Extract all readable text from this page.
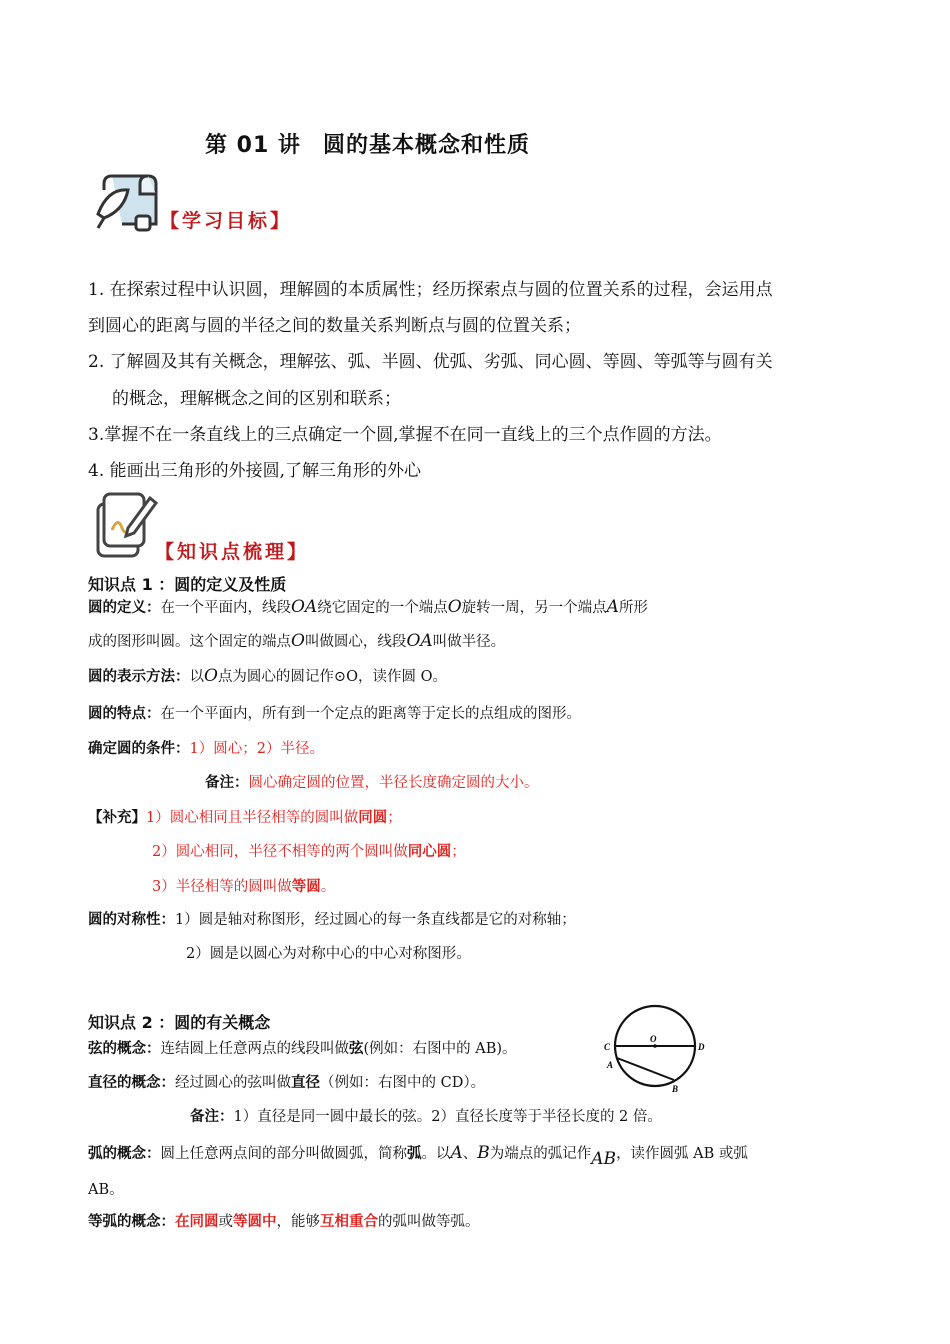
第 01 讲 圆的基本概念和性质
【学习目标】
1. 在探索过程中认识圆，理解圆的本质属性；经历探索点与圆的位置关系的过程，会运用点
到圆心的距离与圆的半径之间的数量关系判断点与圆的位置关系；
2. 了解圆及其有关概念，理解弦、弧、半圆、优弧、劣弧、同心圆、等圆、等弧等与圆有关
的概念，理解概念之间的区别和联系；
3.掌握不在一条直线上的三点确定一个圆,掌握不在同一直线上的三个点作圆的方法。
4. 能画出三角形的外接圆,了解三角形的外心
【知识点梳理】
知识点 1 ：圆的定义及性质
圆的定义：在一个平面内，线段OA绕它固定的一个端点O旋转一周，另一个端点A所形
成的图形叫圆。这个固定的端点O叫做圆心，线段OA叫做半径。
圆的表示方法：以O点为圆心的圆记作⊙O，读作圆 O。
圆的特点：在一个平面内，所有到一个定点的距离等于定长的点组成的图形。
确定圆的条件：1）圆心；2）半径。
备注：圆心确定圆的位置，半径长度确定圆的大小。
【补充】1）圆心相同且半径相等的圆叫做同圆；
2）圆心相同，半径不相等的两个圆叫做同心圆；
3）半径相等的圆叫做等圆。
圆的对称性：1）圆是轴对称图形，经过圆心的每一条直线都是它的对称轴；
2）圆是以圆心为对称中心的中心对称图形。
知识点 2 ：圆的有关概念
弦的概念：连结圆上任意两点的线段叫做弦(例如：右图中的 AB)。
直径的概念：经过圆心的弦叫做直径（例如：右图中的 CD）。
备注：1）直径是同一圆中最长的弦。2）直径长度等于半径长度的 2 倍。
弧的概念：圆上任意两点间的部分叫做圆弧，简称弧。以A、B为端点的弧记作AB，读作圆弧 AB 或弧
AB。
等弧的概念：在同圆或等圆中，能够互相重合的弧叫做等弧。
O
C	D
A
B
